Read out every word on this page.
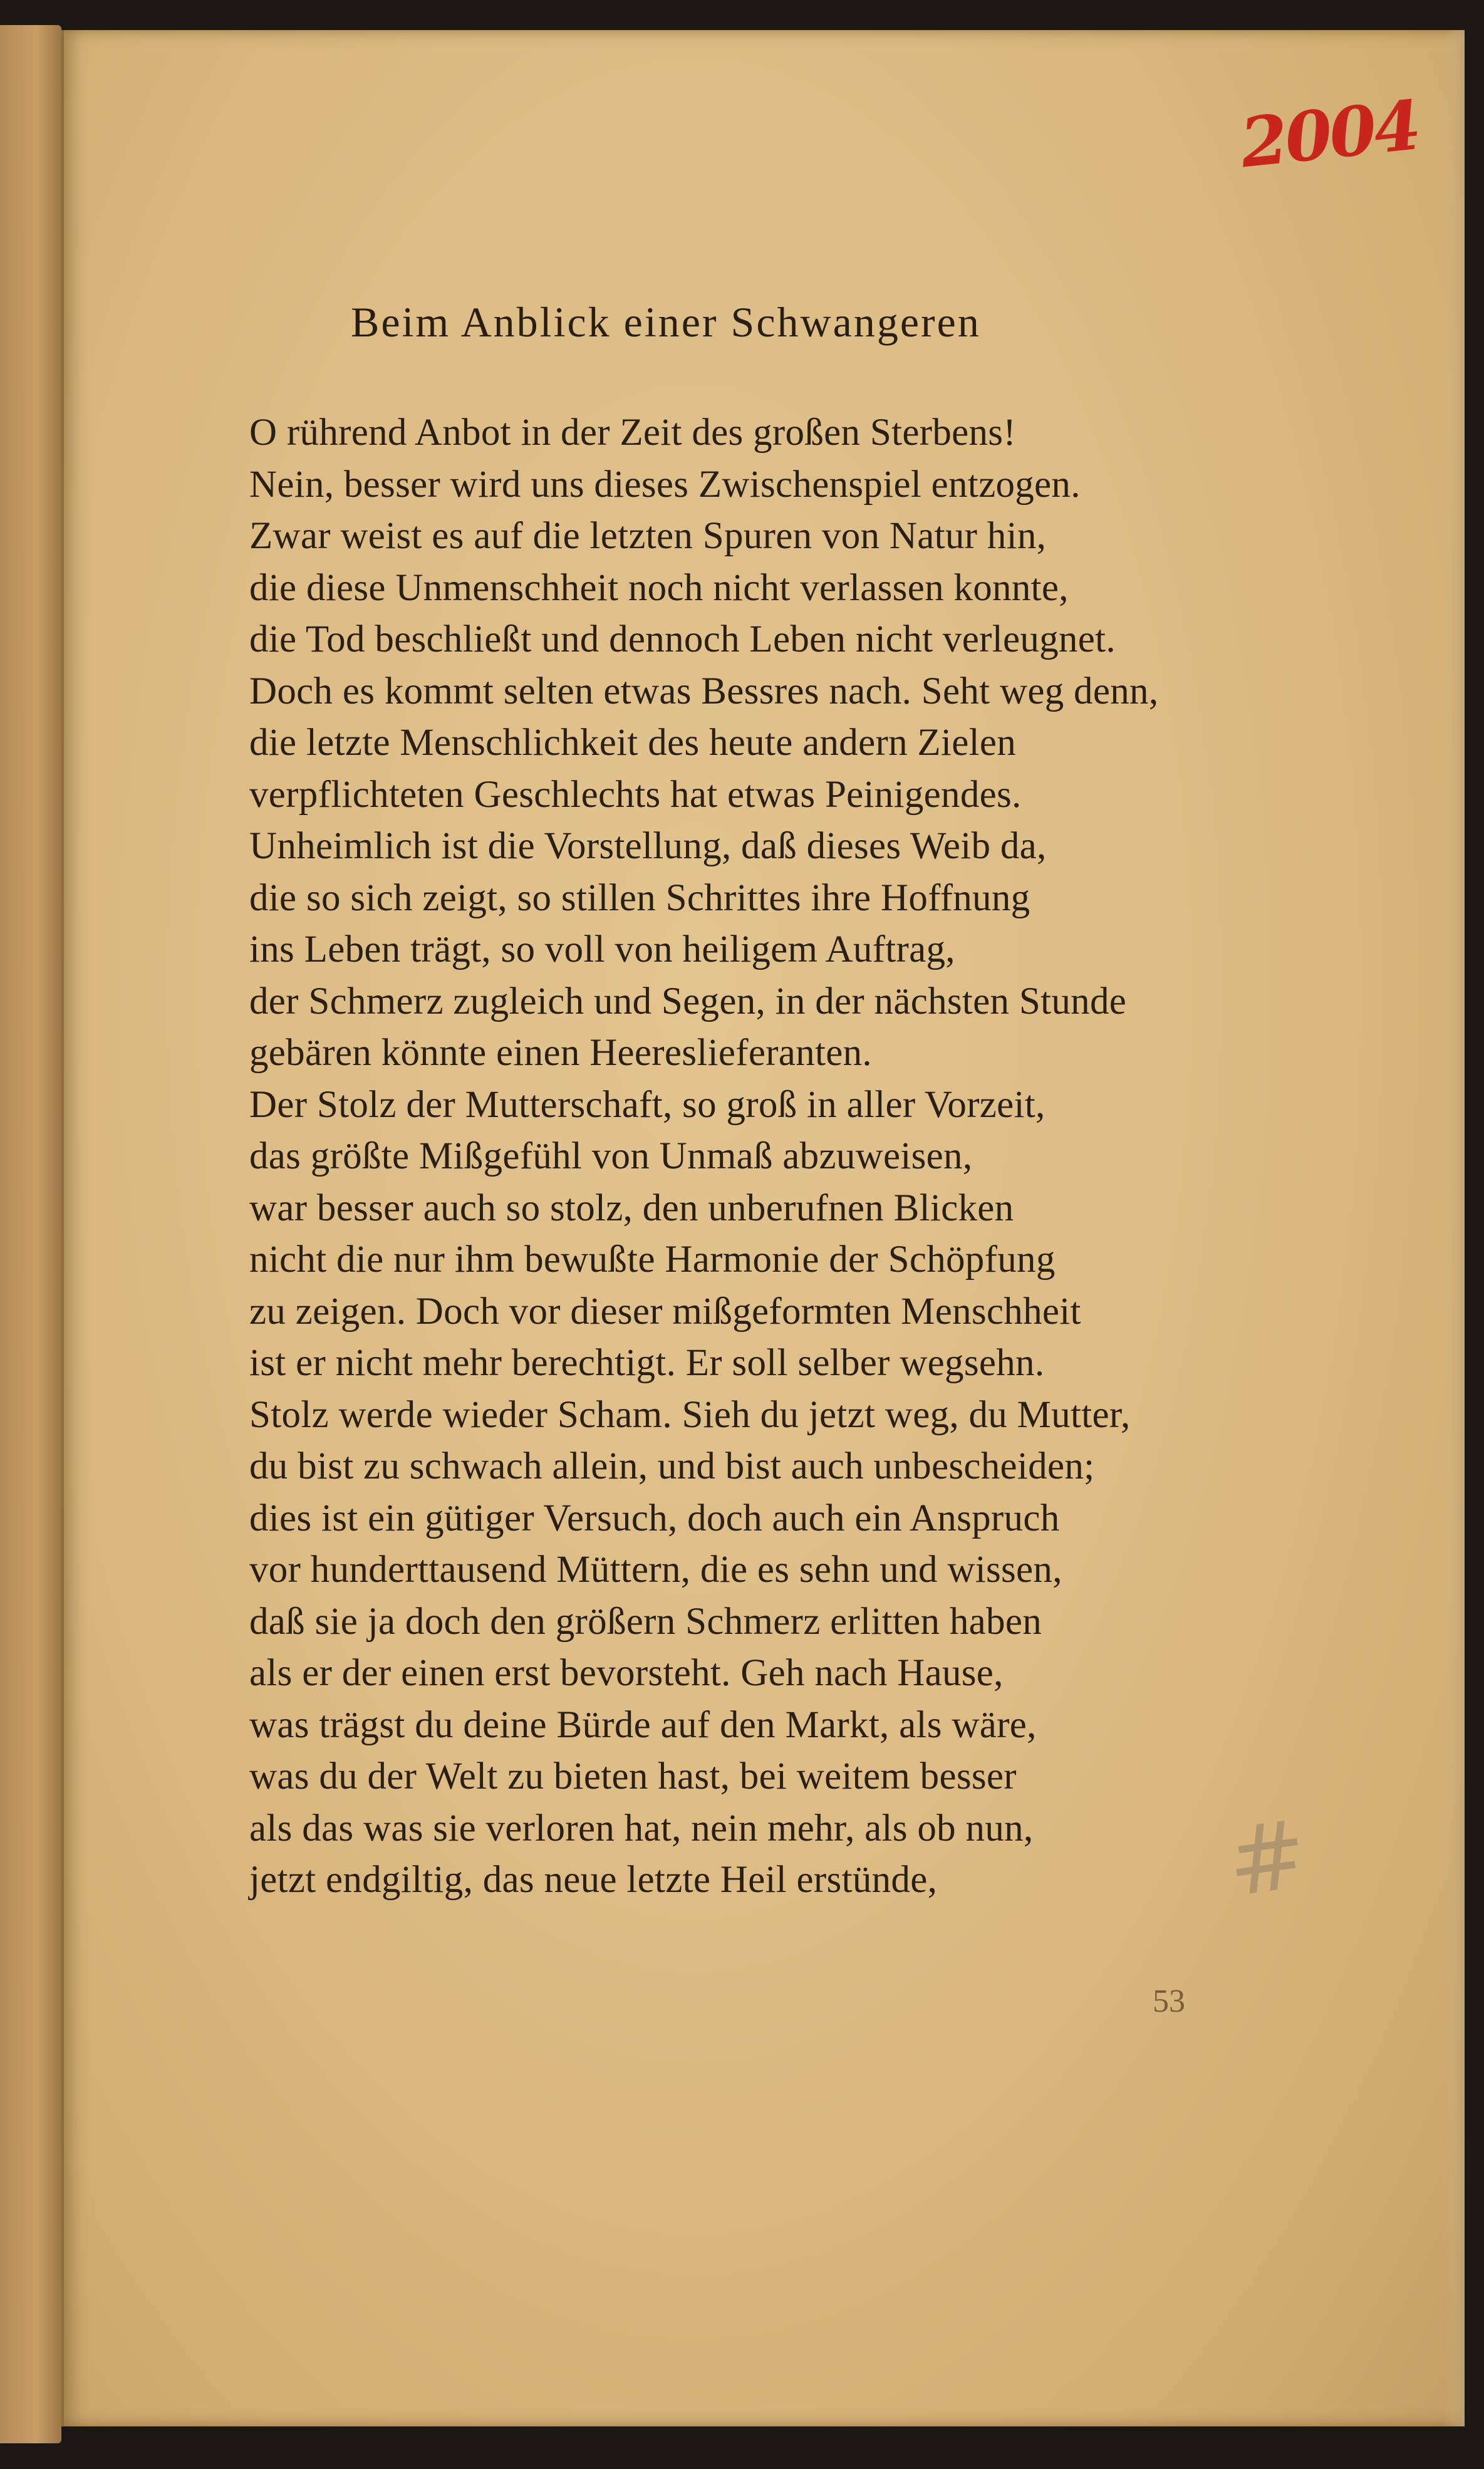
2004
Beim Anblick einer Schwangeren
O rührend Anbot in der Zeit des großen Sterbens!
Nein, besser wird uns dieses Zwischenspiel entzogen.
Zwar weist es auf die letzten Spuren von Natur hin,
die diese Unmenschheit noch nicht verlassen konnte,
die Tod beschließt und dennoch Leben nicht verleugnet.
Doch es kommt selten etwas Bessres nach. Seht weg denn,
die letzte Menschlichkeit des heute andern Zielen
verpflichteten Geschlechts hat etwas Peinigendes.
Unheimlich ist die Vorstellung, daß dieses Weib da,
die so sich zeigt, so stillen Schrittes ihre Hoffnung
ins Leben trägt, so voll von heiligem Auftrag,
der Schmerz zugleich und Segen, in der nächsten Stunde
gebären könnte einen Heereslieferanten.
Der Stolz der Mutterschaft, so groß in aller Vorzeit,
das größte Mißgefühl von Unmaß abzuweisen,
war besser auch so stolz, den unberufnen Blicken
nicht die nur ihm bewußte Harmonie der Schöpfung
zu zeigen. Doch vor dieser mißgeformten Menschheit
ist er nicht mehr berechtigt. Er soll selber wegsehn.
Stolz werde wieder Scham. Sieh du jetzt weg, du Mutter,
du bist zu schwach allein, und bist auch unbescheiden;
dies ist ein gütiger Versuch, doch auch ein Anspruch
vor hunderttausend Müttern, die es sehn und wissen,
daß sie ja doch den größern Schmerz erlitten haben
als er der einen erst bevorsteht. Geh nach Hause,
was trägst du deine Bürde auf den Markt, als wäre,
was du der Welt zu bieten hast, bei weitem besser
als das was sie verloren hat, nein mehr, als ob nun,
jetzt endgiltig, das neue letzte Heil erstünde,	#
53
